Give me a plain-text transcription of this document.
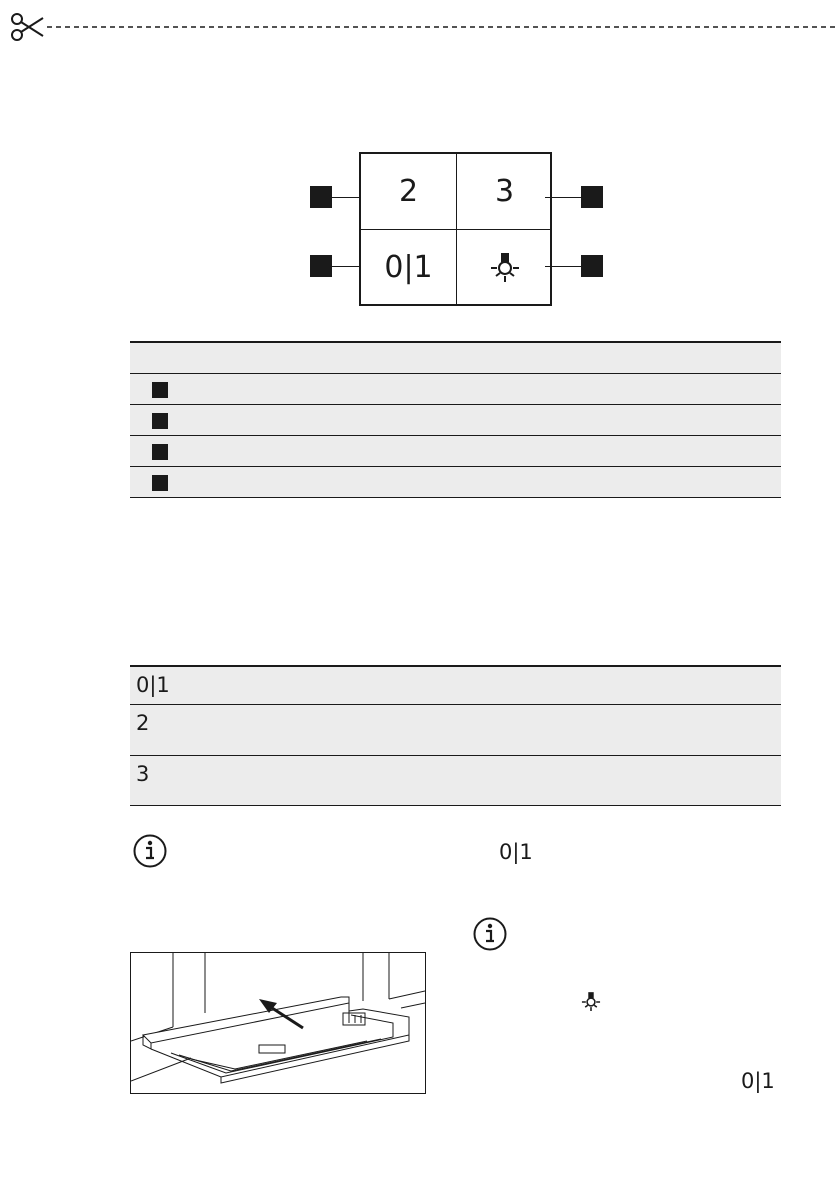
2	3
0|1
0|1
2
3
0|1
0|1
